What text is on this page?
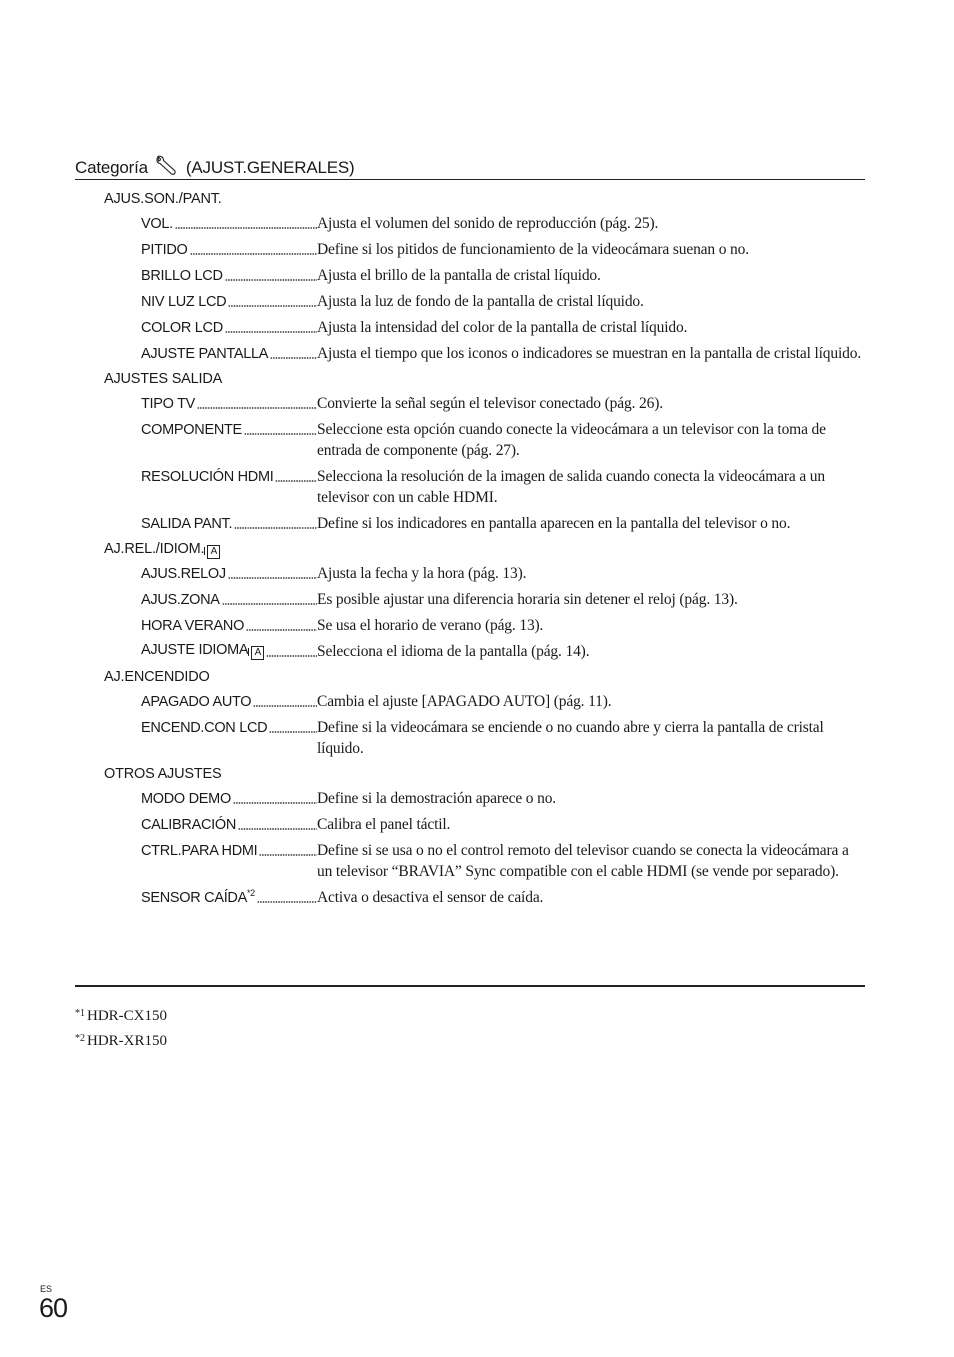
Categoría (AJUST.GENERALES)
AJUS.SON./PANT.
VOL.	Ajusta el volumen del sonido de reproducción (pág. 25).
PITIDO	Define si los pitidos de funcionamiento de la videocámara suenan o no.
BRILLO LCD	Ajusta el brillo de la pantalla de cristal líquido.
NIV LUZ LCD	Ajusta la luz de fondo de la pantalla de cristal líquido.
COLOR LCD	Ajusta la intensidad del color de la pantalla de cristal líquido.
AJUSTE PANTALLA	Ajusta el tiempo que los iconos o indicadores se muestran en la pantalla de cristal líquido.
AJUSTES SALIDA
TIPO TV	Convierte la señal según el televisor conectado (pág. 26).
COMPONENTE	Seleccione esta opción cuando conecte la videocámara a un televisor con la toma de entrada de componente (pág. 27).
RESOLUCIÓN HDMI	Selecciona la resolución de la imagen de salida cuando conecta la videocámara a un televisor con un cable HDMI.
SALIDA PANT.	Define si los indicadores en pantalla aparecen en la pantalla del televisor o no.
AJ.REL./IDIOM. A
AJUS.RELOJ	Ajusta la fecha y la hora (pág. 13).
AJUS.ZONA	Es posible ajustar una diferencia horaria sin detener el reloj (pág. 13).
HORA VERANO	Se usa el horario de verano (pág. 13).
AJUSTE IDIOMA A	Selecciona el idioma de la pantalla (pág. 14).
AJ.ENCENDIDO
APAGADO AUTO	Cambia el ajuste [APAGADO AUTO] (pág. 11).
ENCEND.CON LCD	Define si la videocámara se enciende o no cuando abre y cierra la pantalla de cristal líquido.
OTROS AJUSTES
MODO DEMO	Define si la demostración aparece o no.
CALIBRACIÓN	Calibra el panel táctil.
CTRL.PARA HDMI	Define si se usa o no el control remoto del televisor cuando se conecta la videocámara a un televisor “BRAVIA” Sync compatible con el cable HDMI (se vende por separado).
SENSOR CAÍDA$^{*2}$	Activa o desactiva el sensor de caída.
$^{*1}$ HDR-CX150
$^{*2}$ HDR-XR150
ES
60
